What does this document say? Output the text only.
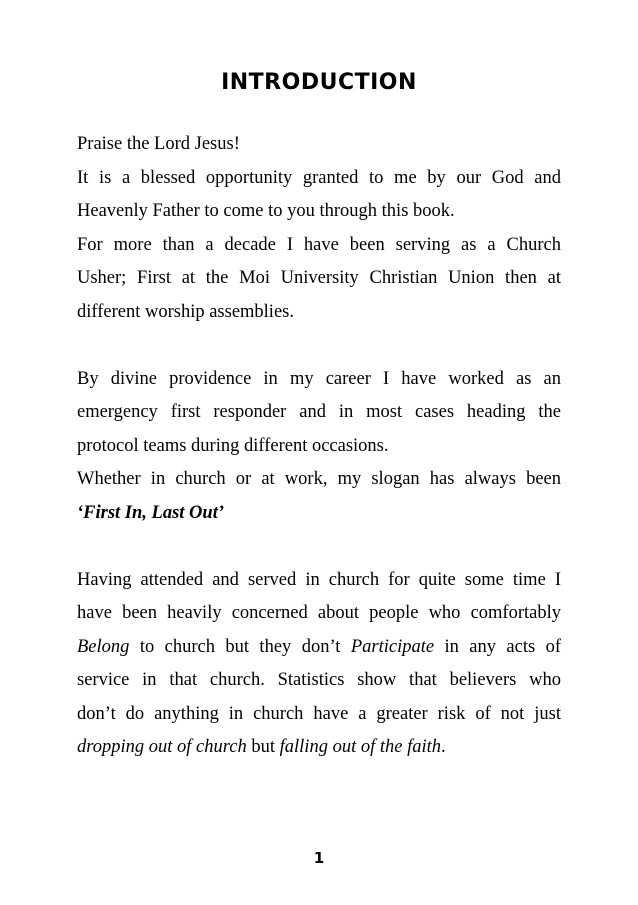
INTRODUCTION
Praise the Lord Jesus!
It is a blessed opportunity granted to me by our God and
Heavenly Father to come to you through this book.
For more than a decade I have been serving as a Church
Usher; First at the Moi University Christian Union then at
different worship assemblies.
By divine providence in my career I have worked as an
emergency first responder and in most cases heading the
protocol teams during different occasions.
Whether in church or at work, my slogan has always been
‘First In, Last Out’
Having attended and served in church for quite some time I
have been heavily concerned about people who comfortably
Belong to church but they don’t Participate in any acts of
service in that church. Statistics show that believers who
don’t do anything in church have a greater risk of not just
dropping out of church but falling out of the faith.
1
